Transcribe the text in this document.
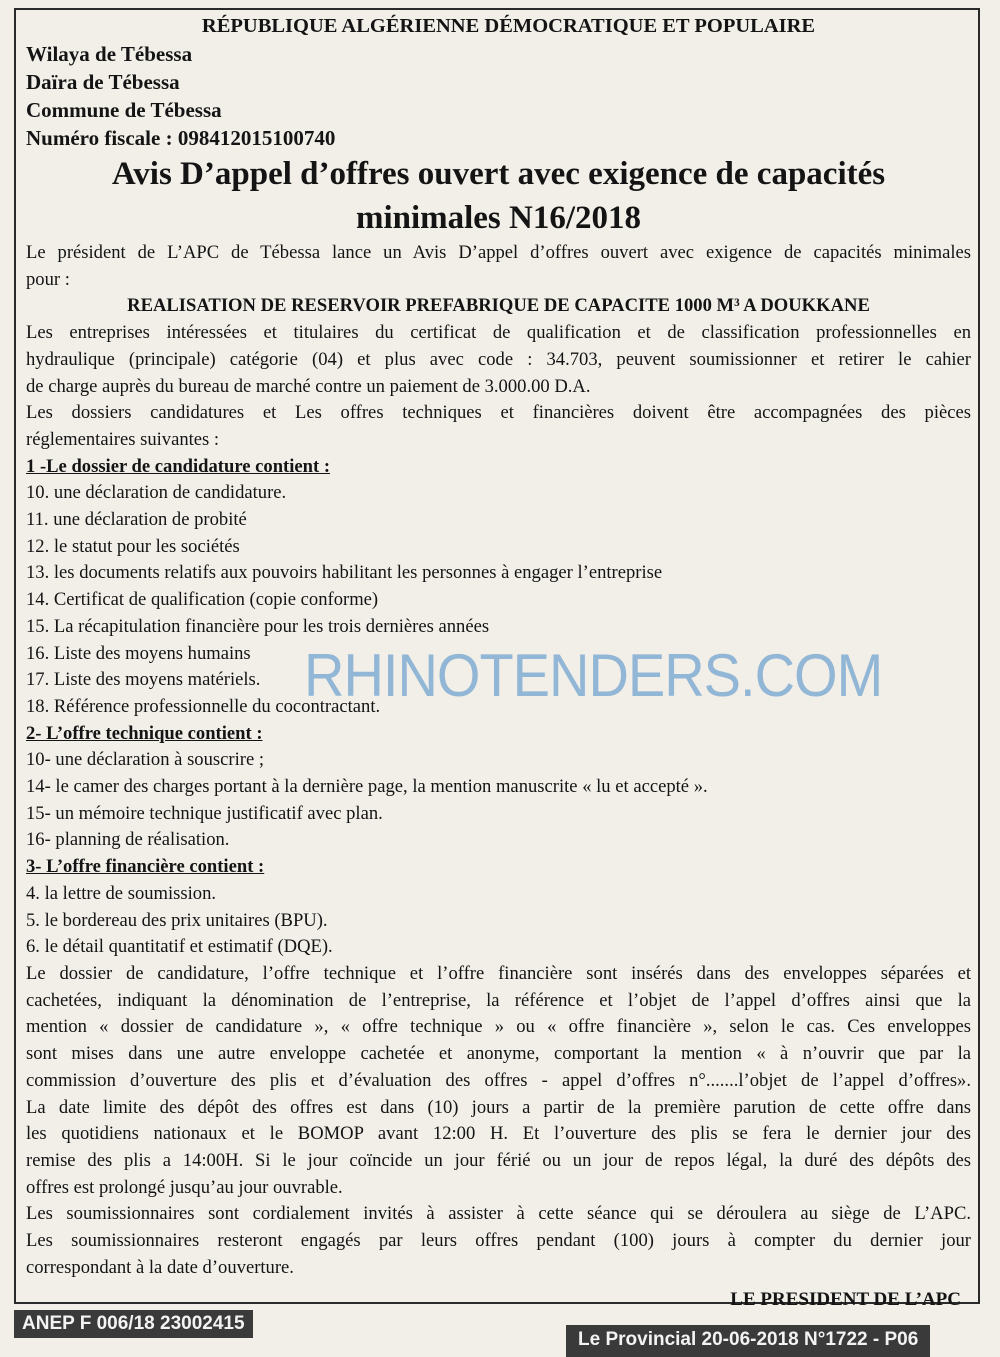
RÉPUBLIQUE ALGÉRIENNE DÉMOCRATIQUE ET POPULAIRE
Wilaya de Tébessa
Daïra de Tébessa
Commune de Tébessa
Numéro fiscale : 098412015100740
Avis D’appel d’offres ouvert avec exigence de capacités
minimales N16/2018
Le président de L’APC de Tébessa lance un Avis D’appel d’offres ouvert avec exigence de capacités minimales
pour :
REALISATION DE RESERVOIR PREFABRIQUE DE CAPACITE 1000 M³ A DOUKKANE
Les entreprises intéressées et titulaires du certificat de qualification et de classification professionnelles en
hydraulique (principale) catégorie (04) et plus avec code : 34.703, peuvent soumissionner et retirer le cahier
de charge auprès du bureau de marché contre un paiement de 3.000.00 D.A.
Les dossiers candidatures et Les offres techniques et financières doivent être accompagnées des pièces
réglementaires suivantes :
1 -Le dossier de candidature contient :
10. une déclaration de candidature.
11. une déclaration de probité
12. le statut pour les sociétés
13. les documents relatifs aux pouvoirs habilitant les personnes à engager l’entreprise
14. Certificat de qualification (copie conforme)
15. La récapitulation financière pour les trois dernières années
16. Liste des moyens humains
17. Liste des moyens matériels.
18. Référence professionnelle du cocontractant.
2- L’offre technique contient :
10- une déclaration à souscrire ;
14- le camer des charges portant à la dernière page, la mention manuscrite « lu et accepté ».
15- un mémoire technique justificatif avec plan.
16- planning de réalisation.
3- L’offre financière contient :
4. la lettre de soumission.
5. le bordereau des prix unitaires (BPU).
6. le détail quantitatif et estimatif (DQE).
Le dossier de candidature, l’offre technique et l’offre financière sont insérés dans des enveloppes séparées et
cachetées, indiquant la dénomination de l’entreprise, la référence et l’objet de l’appel d’offres ainsi que la
mention « dossier de candidature », « offre technique » ou « offre financière », selon le cas. Ces enveloppes
sont mises dans une autre enveloppe cachetée et anonyme, comportant la mention « à n’ouvrir que par la
commission d’ouverture des plis et d’évaluation des offres - appel d’offres n°.......l’objet de l’appel d’offres».
La date limite des dépôt des offres est dans (10) jours a partir de la première parution de cette offre dans
les quotidiens nationaux et le BOMOP avant 12:00 H. Et l’ouverture des plis se fera le dernier jour des
remise des plis a 14:00H. Si le jour coïncide un jour férié ou un jour de repos légal, la duré des dépôts des
offres est prolongé jusqu’au jour ouvrable.
Les soumissionnaires sont cordialement invités à assister à cette séance qui se déroulera au siège de L’APC.
Les soumissionnaires resteront engagés par leurs offres pendant (100) jours à compter du dernier jour
correspondant à la date d’ouverture.
LE PRESIDENT DE L’APC
RHINOTENDERS.COM
ANEP F 006/18 23002415
Le Provincial 20-06-2018 N°1722 - P06
